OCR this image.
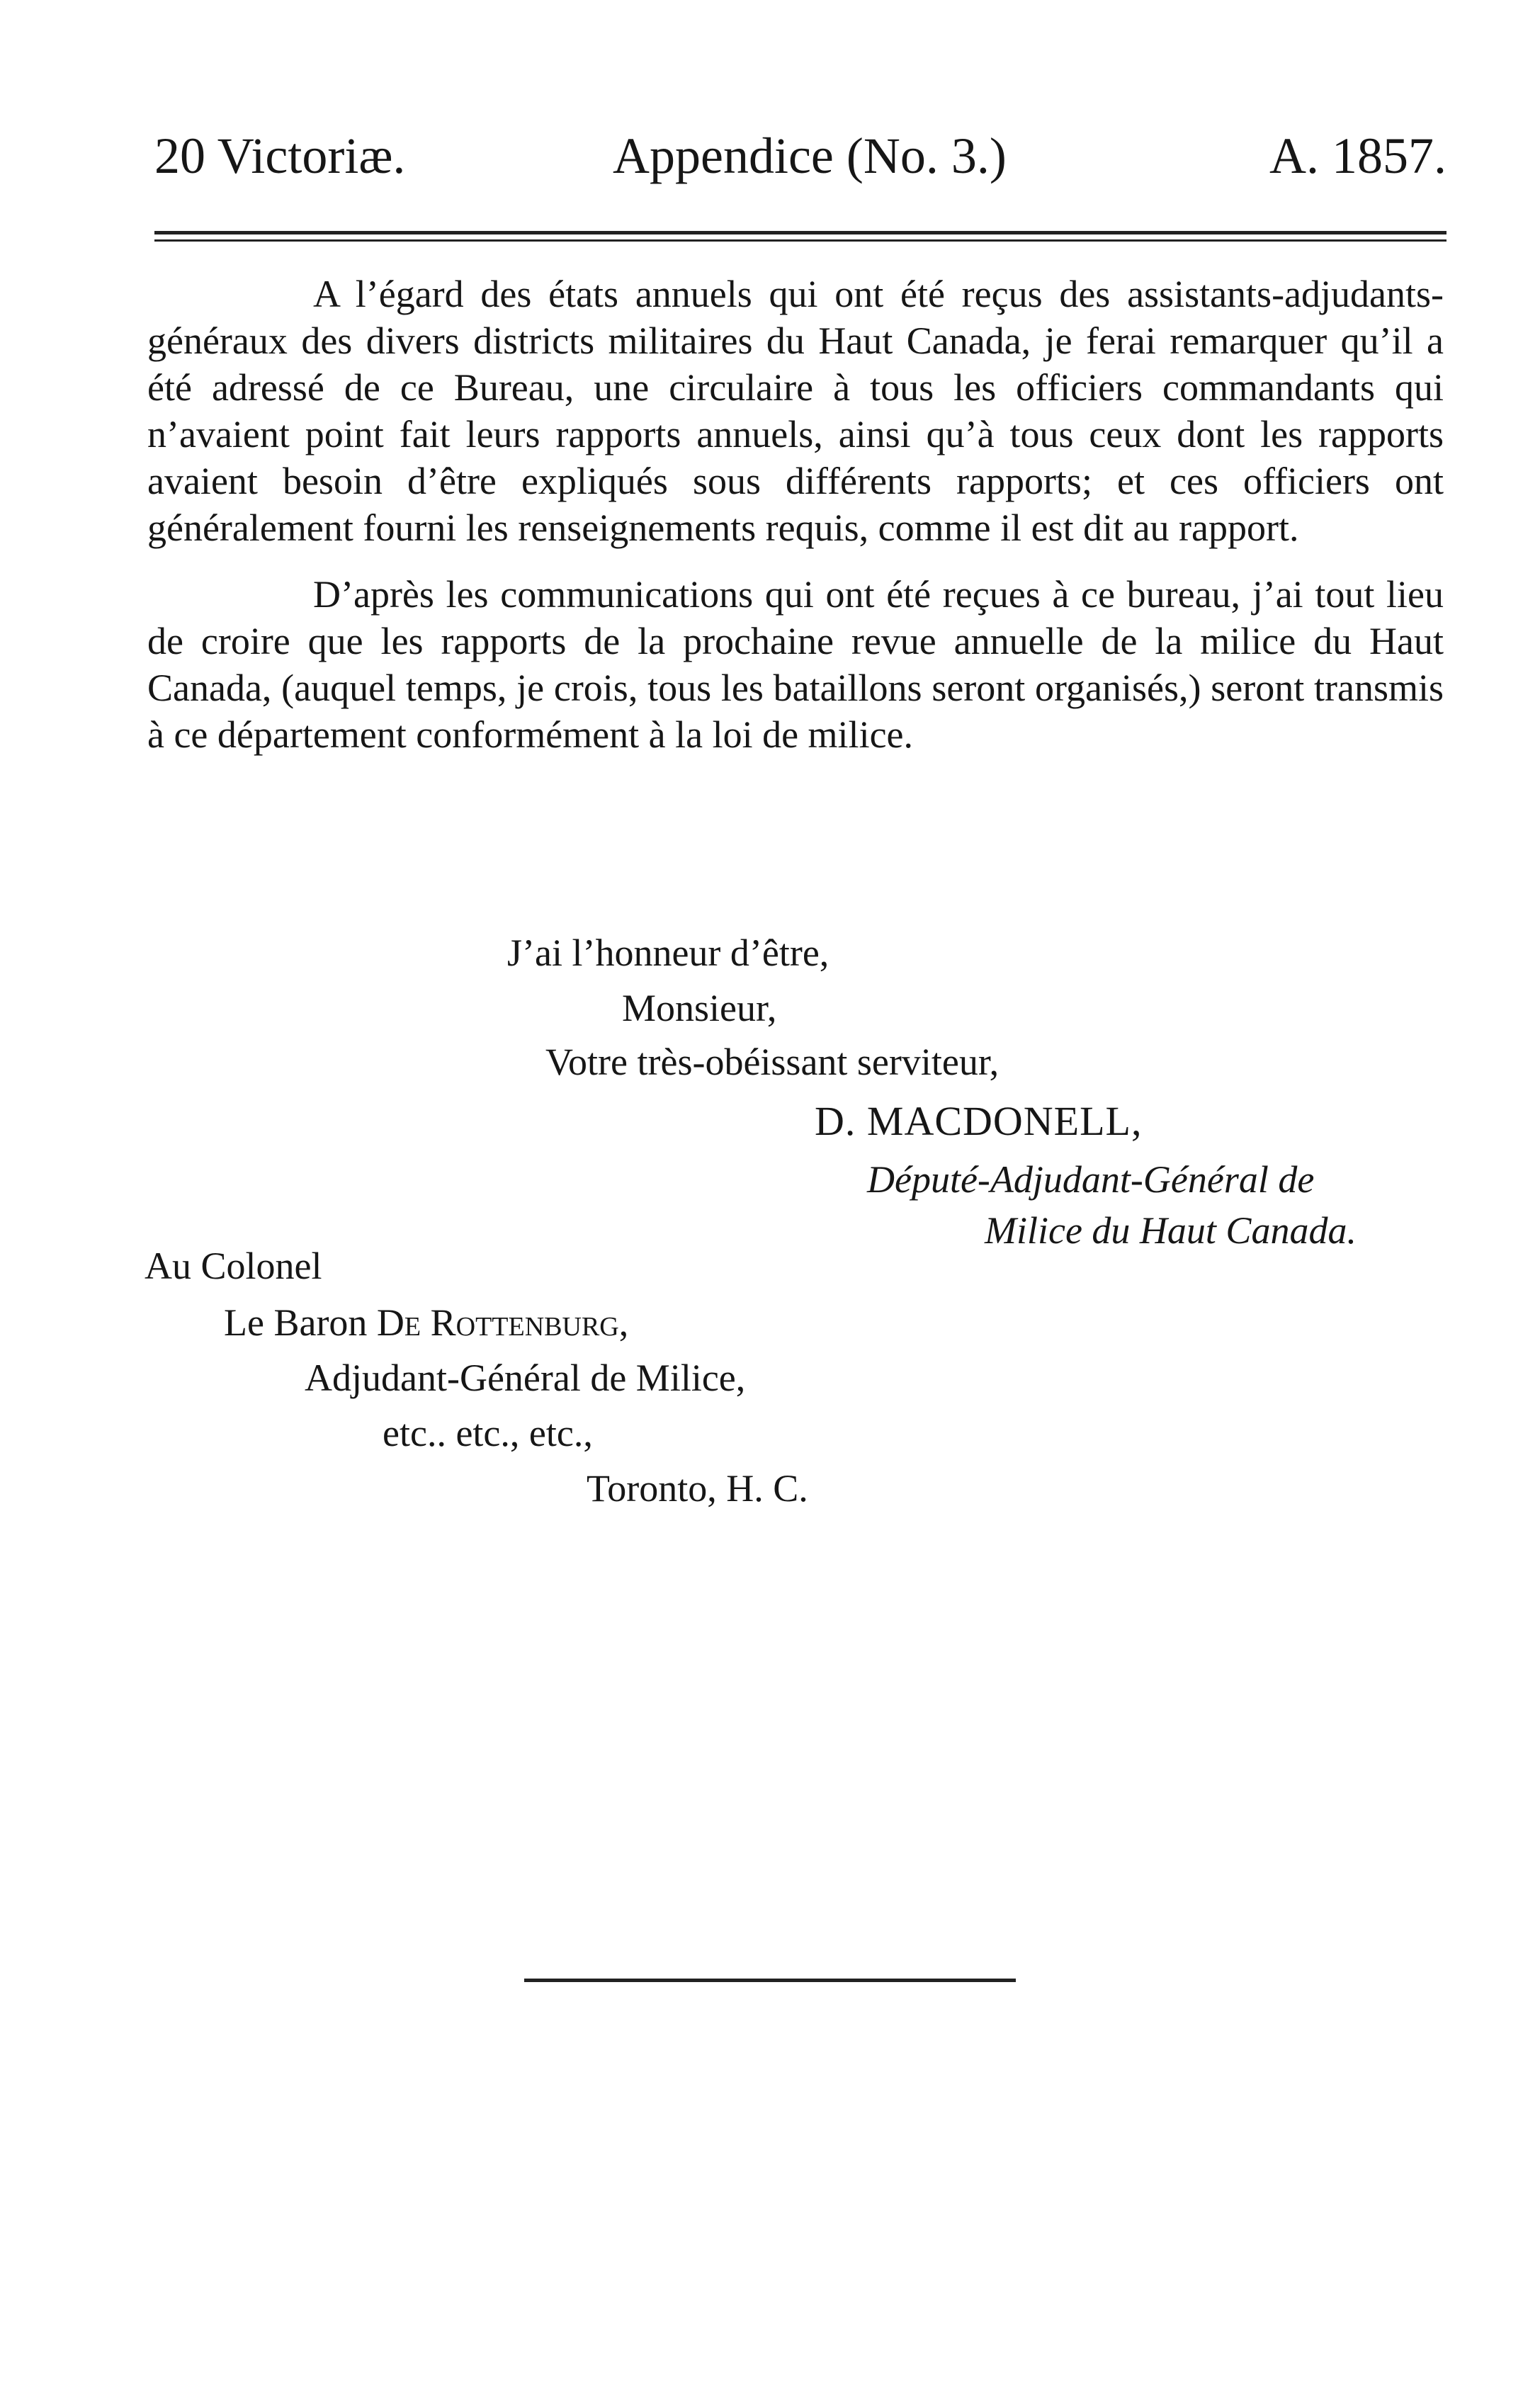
20 Victoriæ.	Appendice (No. 3.)	A. 1857.

A l’égard des états annuels qui ont été reçus des assistants-adjudants-généraux des divers districts militaires du Haut Canada, je ferai remarquer qu’il a été adressé de ce Bureau, une circulaire à tous les officiers commandants qui n’avaient point fait leurs rapports annuels, ainsi qu’à tous ceux dont les rapports avaient besoin d’être expliqués sous différents rapports; et ces officiers ont généralement fourni les renseignements requis, comme il est dit au rapport.

D’après les communications qui ont été reçues à ce bureau, j’ai tout lieu de croire que les rapports de la prochaine revue annuelle de la milice du Haut Canada, (auquel temps, je crois, tous les bataillons seront organisés,) seront transmis à ce département conformément à la loi de milice.

J’ai l’honneur d’être,
Monsieur,
Votre très-obéissant serviteur,
D. MACDONELL,
Député-Adjudant-Général de
Milice du Haut Canada.
Au Colonel
Le Baron De Rottenburg,
Adjudant-Général de Milice,
etc.. etc., etc.,
Toronto, H. C.
